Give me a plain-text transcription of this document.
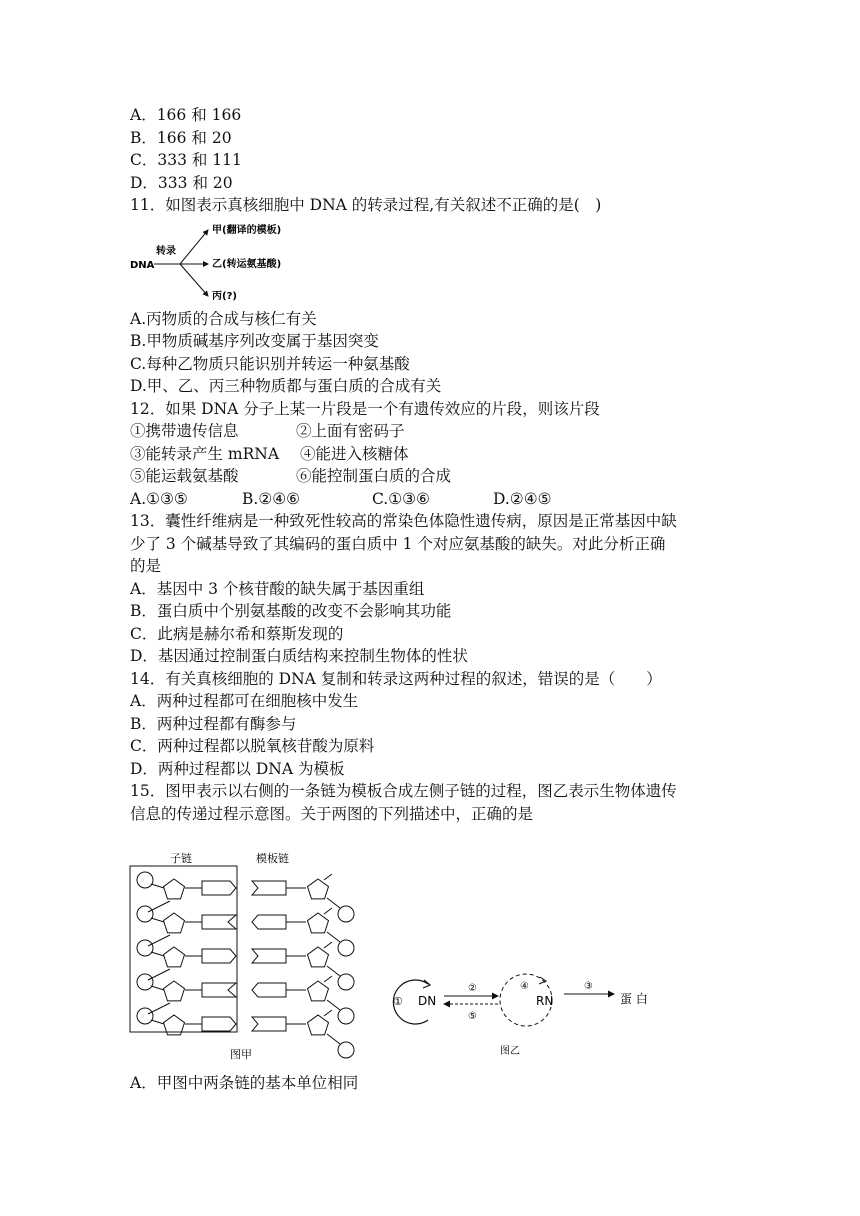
A．166 和 166
B．166 和 20
C．333 和 111
D．333 和 20
11．如图表示真核细胞中 DNA 的转录过程,有关叙述不正确的是(　)
DNA
转录
甲(翻译的模板)
乙(转运氨基酸)
丙(?)
A.丙物质的合成与核仁有关
B.甲物质碱基序列改变属于基因突变
C.每种乙物质只能识别并转运一种氨基酸
D.甲、乙、丙三种物质都与蛋白质的合成有关
12．如果 DNA 分子上某一片段是一个有遗传效应的片段，则该片段
①携带遗传信息	②上面有密码子
③能转录产生 mRNA ④能进入核糖体
⑤能运载氨基酸	⑥能控制蛋白质的合成
A.①③⑤	B.②④⑥	C.①③⑥	D.②④⑤
13．囊性纤维病是一种致死性较高的常染色体隐性遗传病，原因是正常基因中缺
少了 3 个碱基导致了其编码的蛋白质中 1 个对应氨基酸的缺失。对此分析正确
的是
A．基因中 3 个核苷酸的缺失属于基因重组
B．蛋白质中个别氨基酸的改变不会影响其功能
C．此病是赫尔希和蔡斯发现的
D．基因通过控制蛋白质结构来控制生物体的性状
14．有关真核细胞的 DNA 复制和转录这两种过程的叙述，错误的是（　　）
A．两种过程都可在细胞核中发生
B．两种过程都有酶参与
C．两种过程都以脱氧核苷酸为原料
D．两种过程都以 DNA 为模板
15．图甲表示以右侧的一条链为模板合成左侧子链的过程，图乙表示生物体遗传
信息的传递过程示意图。关于两图的下列描述中，正确的是
子链	模板链
图甲
① DN
②
⑤
④
RN
③
蛋 白
图乙
A．甲图中两条链的基本单位相同
